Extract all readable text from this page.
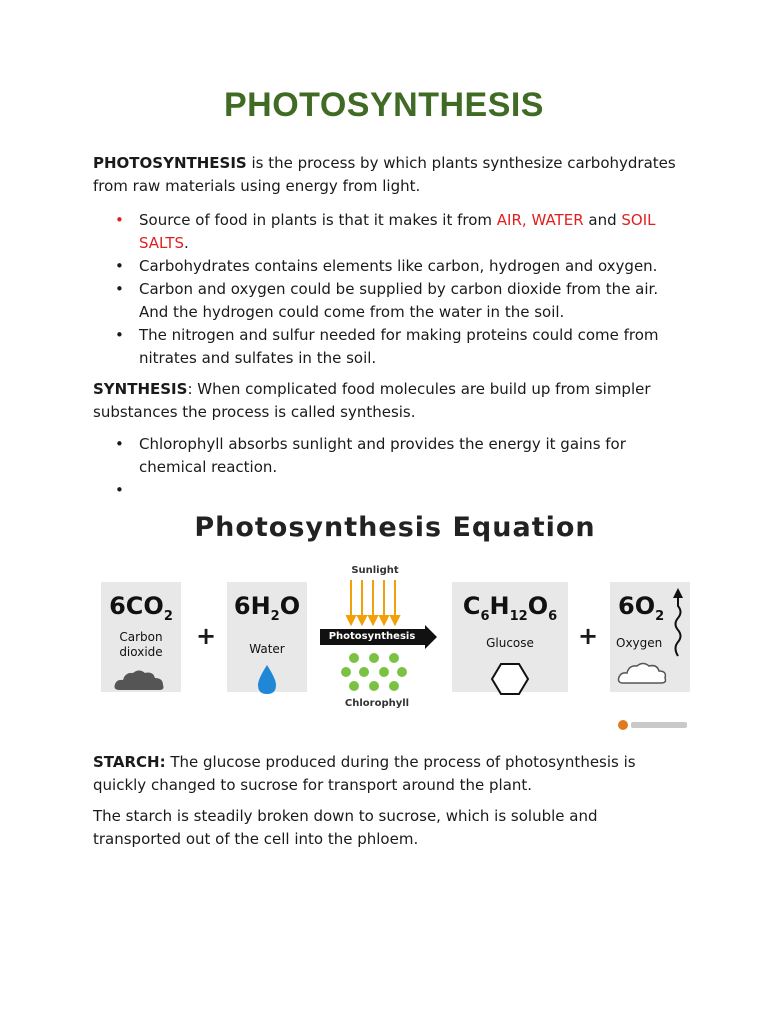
PHOTOSYNTHESIS
PHOTOSYNTHESIS is the process by which plants synthesize carbohydrates from raw materials using energy from light.
• Source of food in plants is that it makes it from AIR, WATER and SOIL SALTS.
• Carbohydrates contains elements like carbon, hydrogen and oxygen.
• Carbon and oxygen could be supplied by carbon dioxide from the air. And the hydrogen could come from the water in the soil.
• The nitrogen and sulfur needed for making proteins could come from nitrates and sulfates in the soil.
SYNTHESIS: When complicated food molecules are build up from simpler substances the process is called synthesis.
• Chlorophyll absorbs sunlight and provides the energy it gains for chemical reaction.
•

Photosynthesis Equation
$6CO_2$
Carbon dioxide
+
$6H_2O$
Water
Sunlight
Photosynthesis
Chlorophyll
$C_6H_{12}O_6$
Glucose	+
$6O_2$
Oxygen
STARCH: The glucose produced during the process of photosynthesis is quickly changed to sucrose for transport around the plant.
The starch is steadily broken down to sucrose, which is soluble and transported out of the cell into the phloem.
